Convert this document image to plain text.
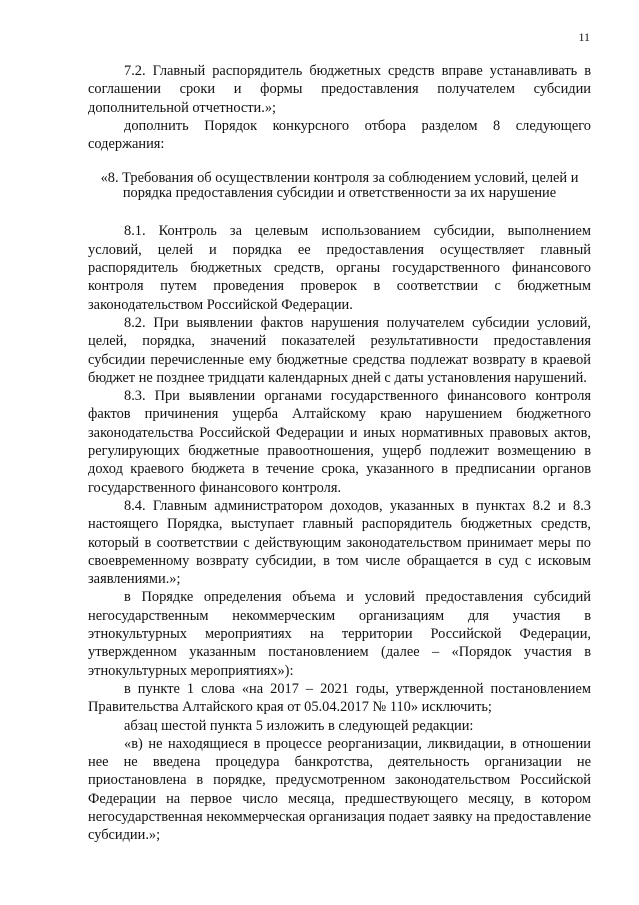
11

7.2. Главный распорядитель бюджетных средств вправе устанавливать в соглашении сроки и формы предоставления получателем субсидии дополнительной отчетности.»;

дополнить Порядок конкурсного отбора разделом 8 следующего содержания:

«8. Требования об осуществлении контроля за соблюдением условий, целей и порядка предоставления субсидии и ответственности за их нарушение

8.1. Контроль за целевым использованием субсидии, выполнением условий, целей и порядка ее предоставления осуществляет главный распорядитель бюджетных средств, органы государственного финансового контроля путем проведения проверок в соответствии с бюджетным законодательством Российской Федерации.

8.2. При выявлении фактов нарушения получателем субсидии условий, целей, порядка, значений показателей результативности предоставления субсидии перечисленные ему бюджетные средства подлежат возврату в краевой бюджет не позднее тридцати календарных дней с даты установления нарушений.

8.3. При выявлении органами государственного финансового контроля фактов причинения ущерба Алтайскому краю нарушением бюджетного законодательства Российской Федерации и иных нормативных правовых актов, регулирующих бюджетные правоотношения, ущерб подлежит возмещению в доход краевого бюджета в течение срока, указанного в предписании органов государственного финансового контроля.

8.4. Главным администратором доходов, указанных в пунктах 8.2 и 8.3 настоящего Порядка, выступает главный распорядитель бюджетных средств, который в соответствии с действующим законодательством принимает меры по своевременному возврату субсидии, в том числе обращается в суд с исковым заявлениями.»;

в Порядке определения объема и условий предоставления субсидий негосударственным некоммерческим организациям для участия в этнокультурных мероприятиях на территории Российской Федерации, утвержденном указанным постановлением (далее – «Порядок участия в этнокультурных мероприятиях»):

в пункте 1 слова «на 2017 – 2021 годы, утвержденной постановлением Правительства Алтайского края от 05.04.2017 № 110» исключить;

абзац шестой пункта 5 изложить в следующей редакции:

«в) не находящиеся в процессе реорганизации, ликвидации, в отношении нее не введена процедура банкротства, деятельность организации не приостановлена в порядке, предусмотренном законодательством Российской Федерации на первое число месяца, предшествующего месяцу, в котором негосударственная некоммерческая организация подает заявку на предоставление субсидии.»;
